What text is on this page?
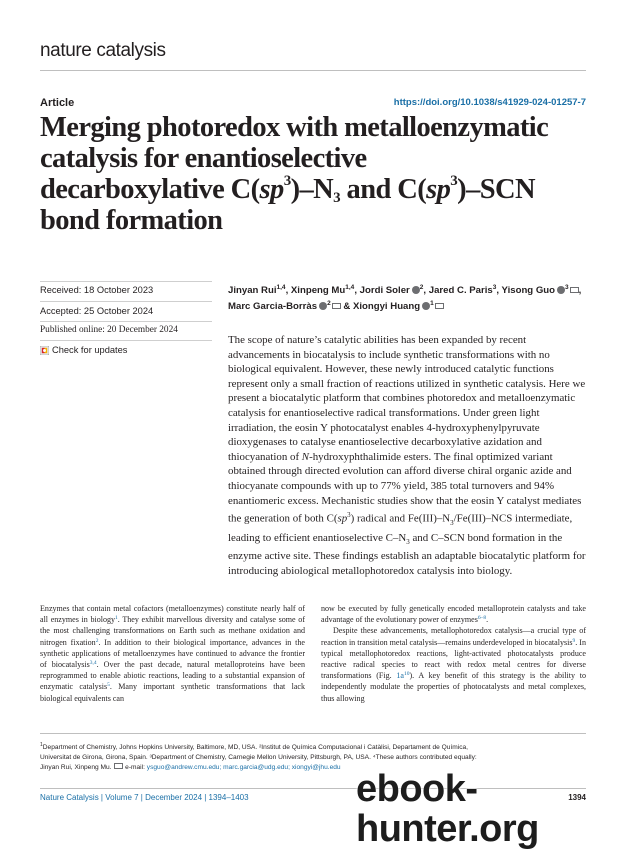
nature catalysis
Article	https://doi.org/10.1038/s41929-024-01257-7
Merging photoredox with metalloenzymatic
catalysis for enantioselective
decarboxylative $C(sp^3)-N_3$ and $C(sp^3)$–SCN
bond formation
Received: 18 October 2023
Accepted: 25 October 2024
Published online: 20 December 2024
Check for updates
Jinyan Rui$^{1,4}$, Xinpeng Mu$^{1,4}$, Jordi Soler $^2$, Jared C. Paris$^3$, Yisong Guo $^3$ ,
Marc Garcia-Borràs $^2$ & Xiongyi Huang $^1$

The scope of nature’s catalytic abilities has been expanded by recent advancements in biocatalysis to include synthetic transformations with no biological equivalent. However, these newly introduced catalytic functions represent only a small fraction of reactions utilized in synthetic catalysis. Here we present a biocatalytic platform that combines photoredox and metalloenzymatic catalysis for enantioselective radical transformations. Under green light irradiation, the eosin Y photocatalyst enables 4-hydroxyphenylpyruvate dioxygenases to catalyse enantioselective decarboxylative azidation and thiocyanation of N-hydroxyphthalimide esters. The final optimized variant obtained through directed evolution can afford diverse chiral organic azide and thiocyanate compounds with up to 77% yield, 385 total turnovers and 94% enantiomeric excess. Mechanistic studies show that the eosin Y catalyst mediates the generation of both $C(sp^3)$ radical and $Fe(III)-N_3/Fe(III)$–NCS intermediate, leading to efficient enantioselective $C-N_3$ and C–SCN bond formation in the enzyme active site. These findings establish an adaptable biocatalytic platform for introducing abiological metallophotoredox catalysis into biology.

Enzymes that contain metal cofactors (metalloenzymes) constitute nearly half of all enzymes in biology$^1$. They exhibit marvellous diversity and catalyse some of the most challenging transformations on Earth such as methane oxidation and nitrogen fixation$^2$. In addition to their biological importance, advances in the synthetic applications of metalloenzymes have continued to advance the frontier of biocatalysis$^{3,4}$. Over the past decade, natural metalloproteins have been reprogrammed to enable abiotic reactions, leading to a substantial expansion of enzymatic catalysis$^5$. Many important synthetic transformations that lack biological equivalents can

now be executed by fully genetically encoded metalloprotein catalysts and take advantage of the evolutionary power of enzymes$^{6-8}$.

Despite these advancements, metallophotoredox catalysis—a crucial type of reaction in transition metal catalysis—remains underdeveloped in biocatalysis$^9$. In typical metallophotoredox reactions, light-activated photocatalysts produce reactive radical species to react with redox metal centres for diverse transformations (Fig. 1a$^{10}$). A key benefit of this strategy is the ability to independently modulate the properties of photocatalysts and metal complexes, thus allowing

$^1$Department of Chemistry, Johns Hopkins University, Baltimore, MD, USA. ²Institut de Química Computacional i Catàlisi, Departament de Química,

Universitat de Girona, Girona, Spain. ³Department of Chemistry, Carnegie Mellon University, Pittsburgh, PA, USA. ⁴These authors contributed equally:

Jinyan Rui, Xinpeng Mu.  e-mail: ysguo@andrew.cmu.edu; marc.garcia@udg.edu; xiongyi@jhu.edu

Nature Catalysis | Volume 7 | December 2024 | 1394–1403	1394
ebook-hunter.org
